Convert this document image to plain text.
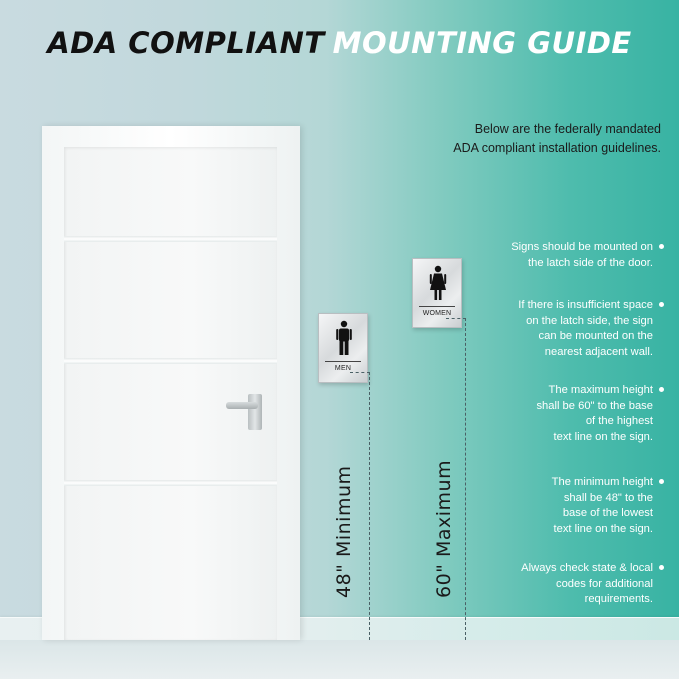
ADA COMPLIANT MOUNTING GUIDE
MEN
WOMEN
48" Minimum	60" Maximum
Below are the federally mandated
ADA compliant installation guidelines.
Signs should be mounted on
the latch side of the door.
If there is insufficient space
on the latch side, the sign
can be mounted on the
nearest adjacent wall.
The maximum height
shall be 60" to the base of the highest
text line on the sign.
The minimum height
shall be 48" to the
base of the lowest
text line on the sign.
Always check state & local
codes for additional
requirements.
